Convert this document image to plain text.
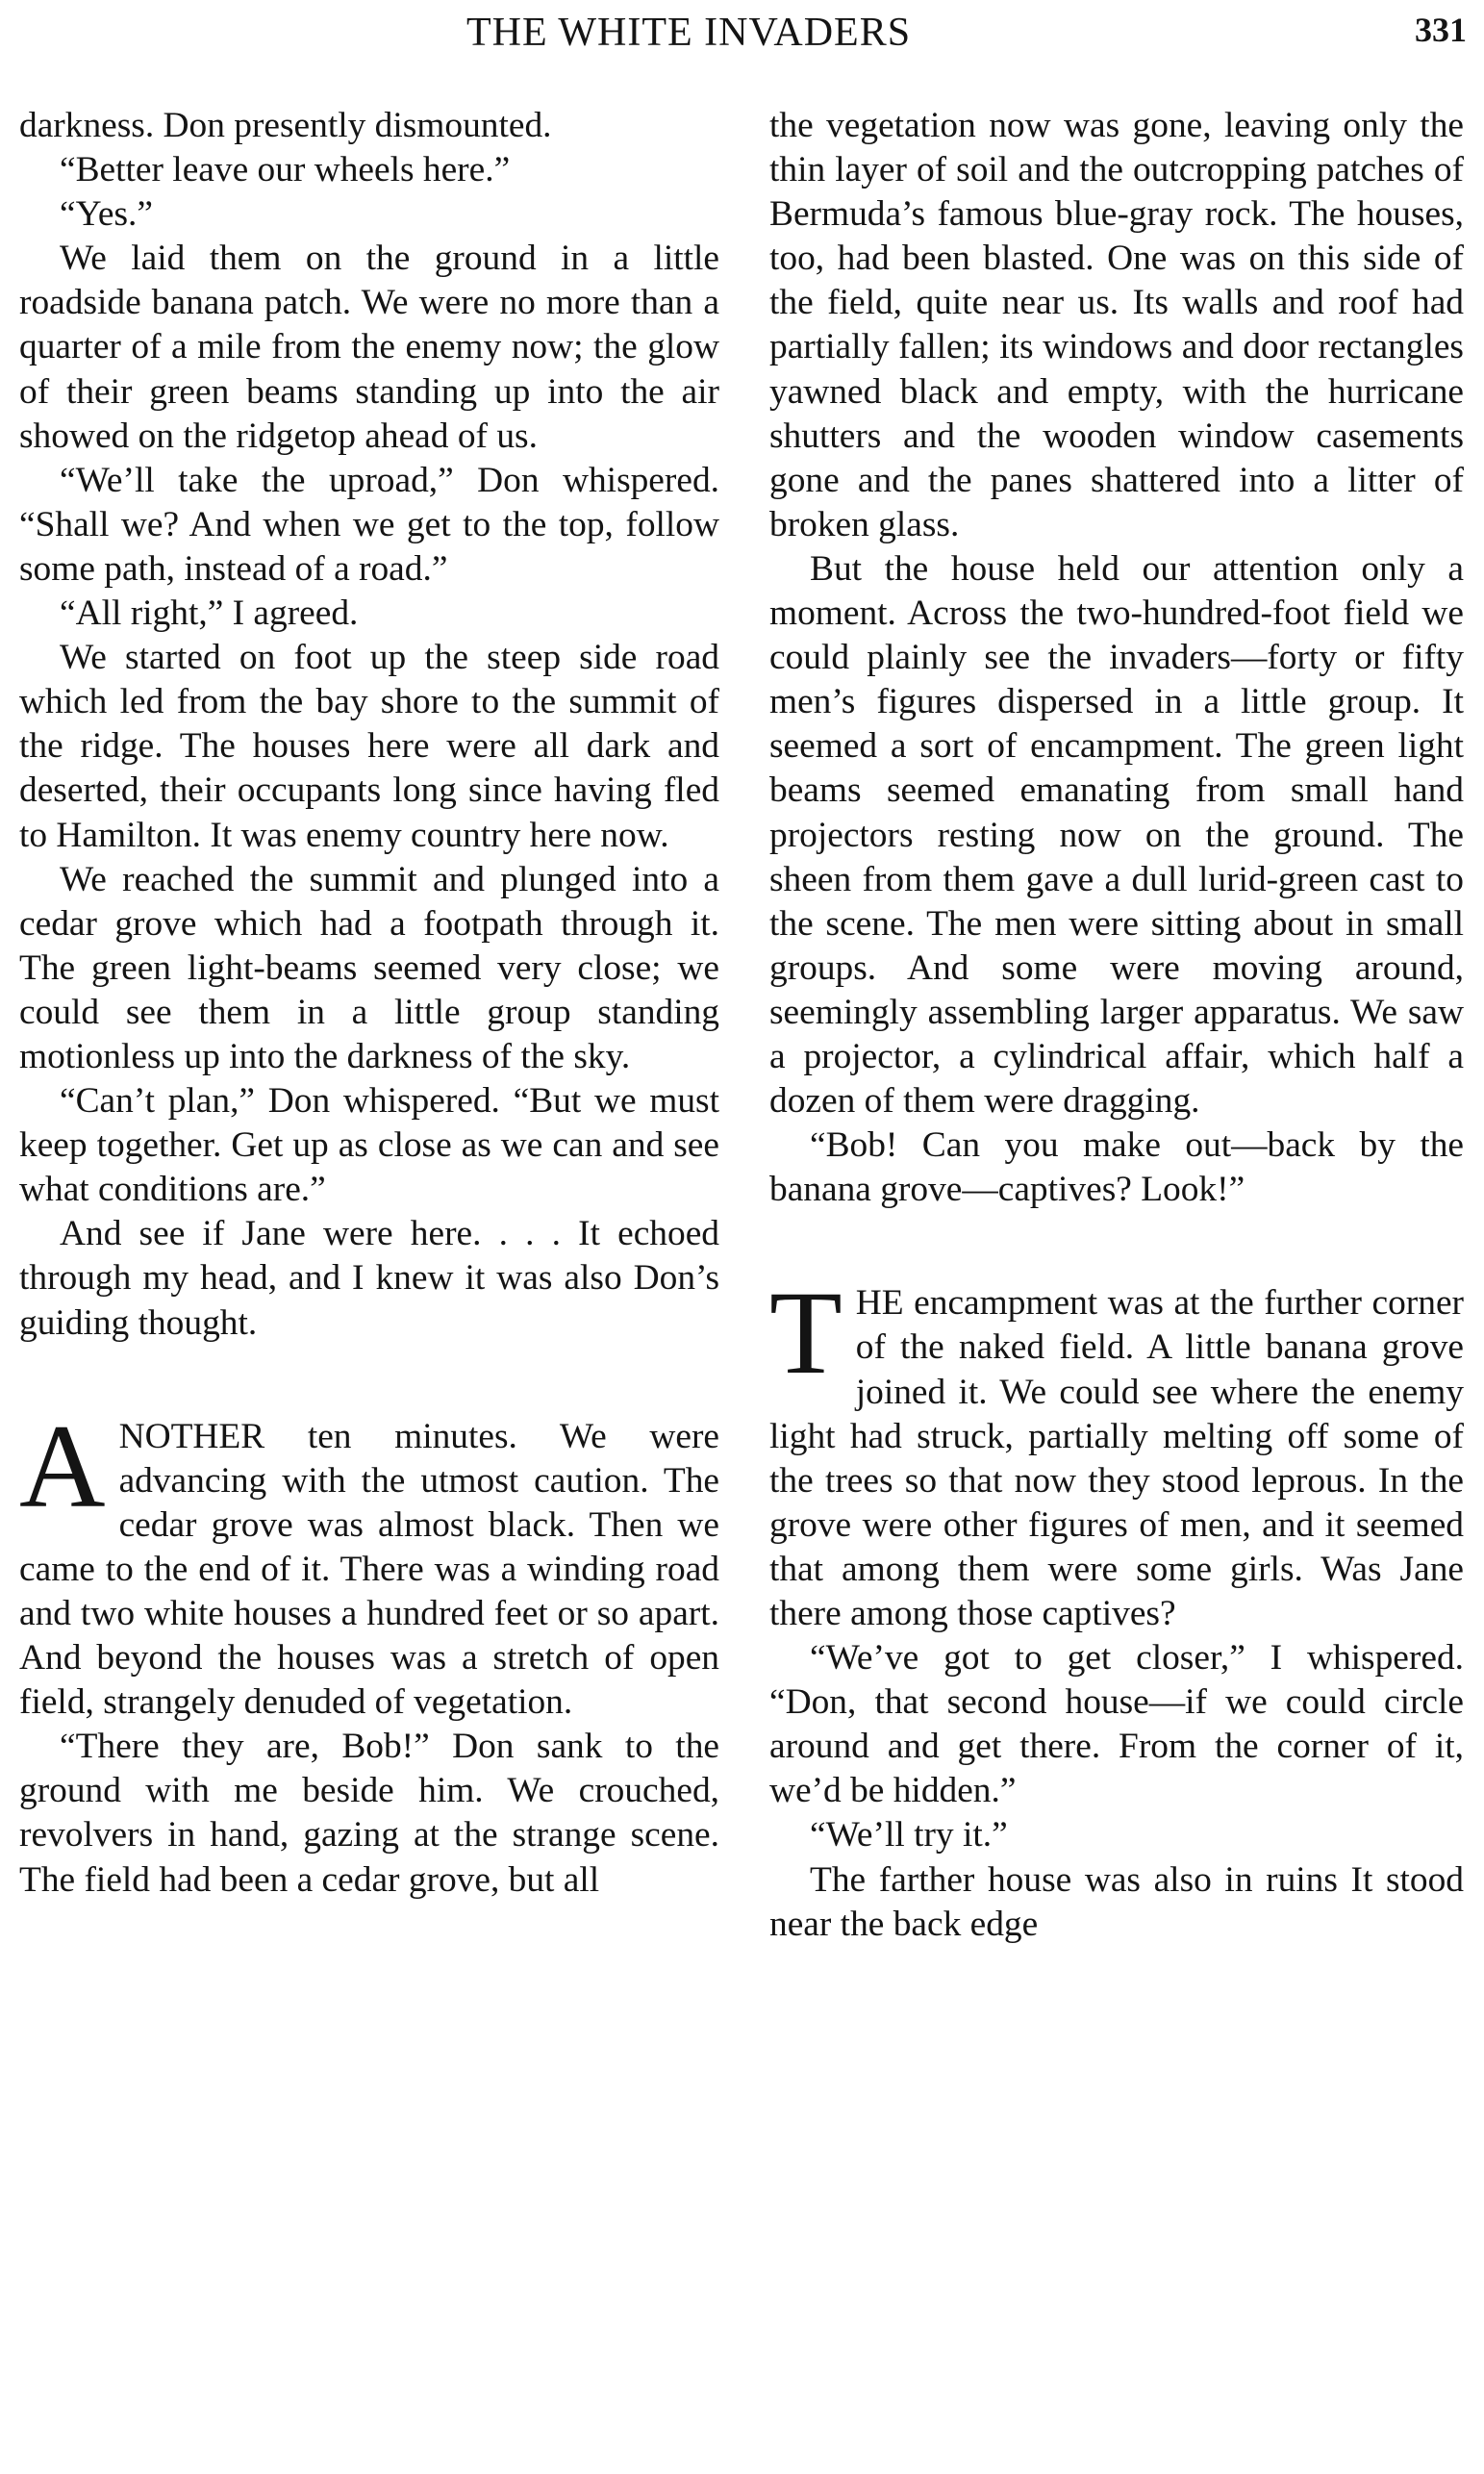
THE WHITE INVADERS	331

darkness. Don presently dismounted.

“Better leave our wheels here.”

“Yes.”

We laid them on the ground in a little roadside banana patch. We were no more than a quarter of a mile from the enemy now; the glow of their green beams standing up into the air showed on the ridgetop ahead of us.

“We’ll take the uproad,” Don whispered. “Shall we? And when we get to the top, follow some path, instead of a road.”

“All right,” I agreed.

We started on foot up the steep side road which led from the bay shore to the summit of the ridge. The houses here were all dark and deserted, their occupants long since having fled to Hamilton. It was enemy country here now.

We reached the summit and plunged into a cedar grove which had a footpath through it. The green light-beams seemed very close; we could see them in a little group standing motionless up into the darkness of the sky.

“Can’t plan,” Don whispered. “But we must keep together. Get up as close as we can and see what conditions are.”

And see if Jane were here. . . . It echoed through my head, and I knew it was also Don’s guiding thought.

ANOTHER ten minutes. We were advancing with the utmost caution. The cedar grove was almost black. Then we came to the end of it. There was a winding road and two white houses a hundred feet or so apart. And beyond the houses was a stretch of open field, strangely denuded of vegetation.

“There they are, Bob!” Don sank to the ground with me beside him. We crouched, revolvers in hand, gazing at the strange scene. The field had been a cedar grove, but all

the vegetation now was gone, leaving only the thin layer of soil and the outcropping patches of Bermuda’s famous blue-gray rock. The houses, too, had been blasted. One was on this side of the field, quite near us. Its walls and roof had partially fallen; its windows and door rectangles yawned black and empty, with the hurricane shutters and the wooden window casements gone and the panes shattered into a litter of broken glass.

But the house held our attention only a moment. Across the two-hundred-foot field we could plainly see the invaders—forty or fifty men’s figures dispersed in a little group. It seemed a sort of encampment. The green light beams seemed emanating from small hand projectors resting now on the ground. The sheen from them gave a dull lurid-green cast to the scene. The men were sitting about in small groups. And some were moving around, seemingly assembling larger apparatus. We saw a projector, a cylindrical affair, which half a dozen of them were dragging.

“Bob! Can you make out—back by the banana grove—captives? Look!”

THE encampment was at the further corner of the naked field. A little banana grove joined it. We could see where the enemy light had struck, partially melting off some of the trees so that now they stood leprous. In the grove were other figures of men, and it seemed that among them were some girls. Was Jane there among those captives?

“We’ve got to get closer,” I whispered. “Don, that second house—if we could circle around and get there. From the corner of it, we’d be hidden.”

“We’ll try it.”

The farther house was also in ruins It stood near the back edge
